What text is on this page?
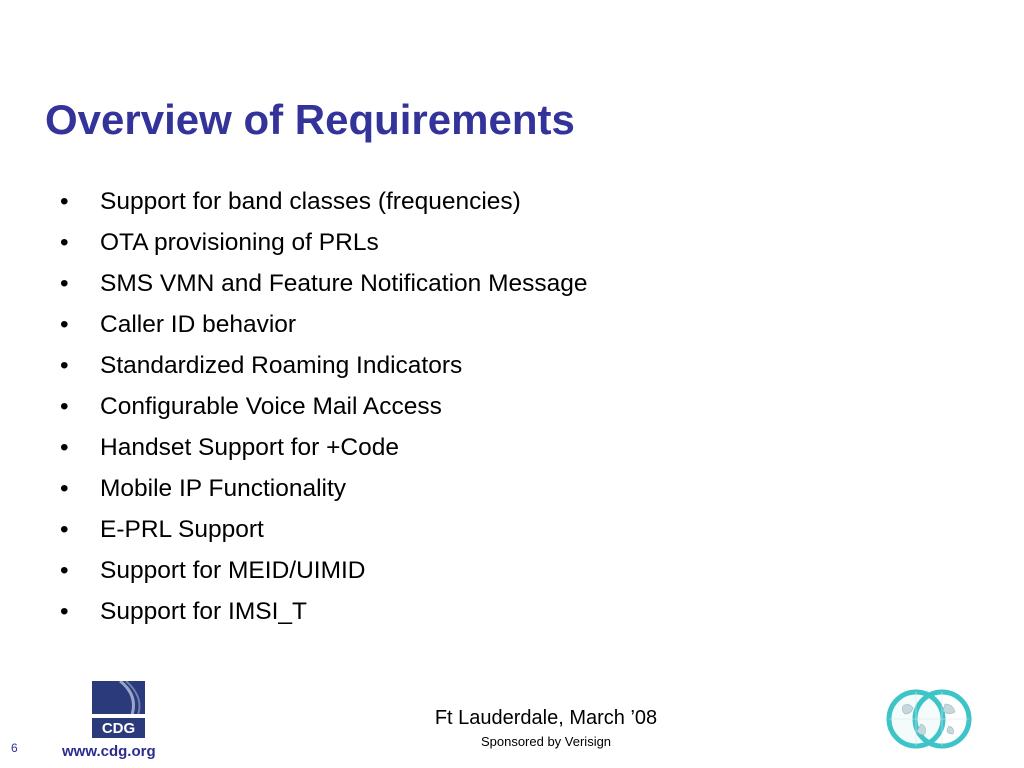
Overview of Requirements
•	Support for band classes (frequencies)
•	OTA provisioning of PRLs
•	SMS VMN and Feature Notification Message
•	Caller ID behavior
•	Standardized Roaming Indicators
•	Configurable Voice Mail Access
•	Handset Support for +Code
•	Mobile IP Functionality
•	E-PRL Support
•	Support for MEID/UIMID
•	Support for IMSI_T
CDG
www.cdg.org
6
Ft Lauderdale, March ’08
Sponsored by Verisign
